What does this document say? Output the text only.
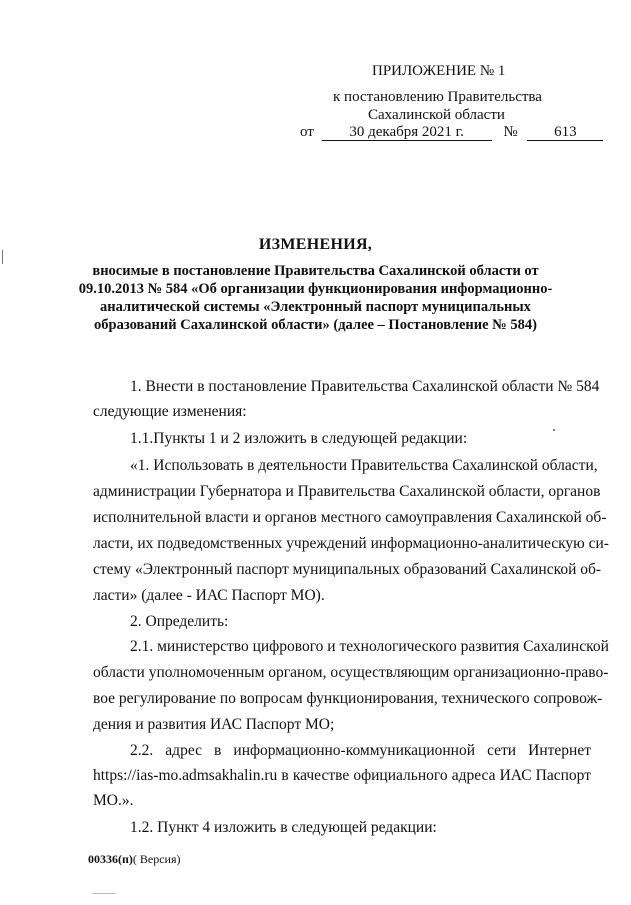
ПРИЛОЖЕНИЕ № 1
к постановлению Правительства
Сахалинской области
от 30 декабря 2021 г.	№ 613
ИЗМЕНЕНИЯ,
вносимые в постановление Правительства Сахалинской области от
09.10.2013 № 584 «Об организации функционирования информационно-
аналитической системы «Электронный паспорт муниципальных
образований Сахалинской области» (далее – Постановление № 584)
1. Внести в постановление Правительства Сахалинской области № 584
следующие изменения:
1.1.Пункты 1 и 2 изложить в следующей редакции:
«1. Использовать в деятельности Правительства Сахалинской области,
администрации Губернатора и Правительства Сахалинской области, органов
исполнительной власти и органов местного самоуправления Сахалинской об-
ласти, их подведомственных учреждений информационно-аналитическую си-
стему «Электронный паспорт муниципальных образований Сахалинской об-
ласти» (далее - ИАС Паспорт МО).
2. Определить:
2.1. министерство цифрового и технологического развития Сахалинской
области уполномоченным органом, осуществляющим организационно-право-
вое регулирование по вопросам функционирования, технического сопровож-
дения и развития ИАС Паспорт МО;
2.2. адрес в информационно-коммуникационной сети Интернет
https://ias-mo.admsakhalin.ru в качестве официального адреса ИАС Паспорт
МО.».
1.2. Пункт 4 изложить в следующей редакции:
00336(п)( Версия)
